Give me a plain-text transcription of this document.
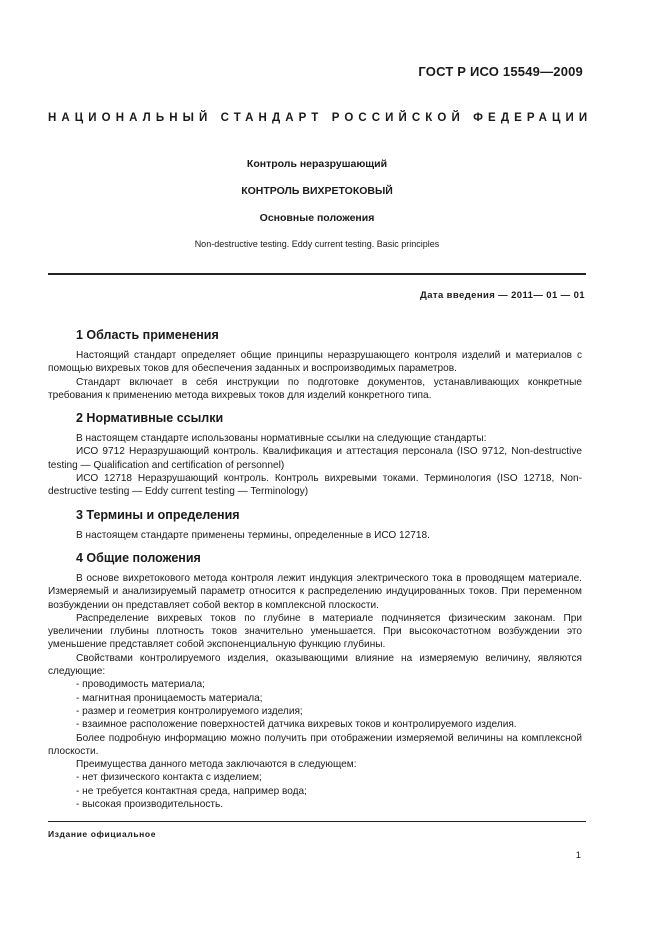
ГОСТ Р ИСО 15549—2009
НАЦИОНАЛЬНЫЙ СТАНДАРТ РОССИЙСКОЙ ФЕДЕРАЦИИ
Контроль неразрушающий
КОНТРОЛЬ ВИХРЕТОКОВЫЙ
Основные положения
Non-destructive testing. Eddy current testing. Basic principles
Дата введения — 2011— 01 — 01
1 Область применения

Настоящий стандарт определяет общие принципы неразрушающего контроля изделий и материалов с помощью вихревых токов для обеспечения заданных и воспроизводимых параметров.

Стандарт включает в себя инструкции по подготовке документов, устанавливающих конкретные требования к применению метода вихревых токов для изделий конкретного типа.

2 Нормативные ссылки

В настоящем стандарте использованы нормативные ссылки на следующие стандарты:

ИСО 9712 Неразрушающий контроль. Квалификация и аттестация персонала (ISO 9712, Non-destructive testing — Qualification and certification of personnel)

ИСО 12718 Неразрушающий контроль. Контроль вихревыми токами. Терминология (ISO 12718, Non-destructive testing — Eddy current testing — Terminology)

3 Термины и определения

В настоящем стандарте применены термины, определенные в ИСО 12718.

4 Общие положения

В основе вихретокового метода контроля лежит индукция электрического тока в проводящем материале. Измеряемый и анализируемый параметр относится к распределению индуцированных токов. При переменном возбуждении он представляет собой вектор в комплексной плоскости.

Распределение вихревых токов по глубине в материале подчиняется физическим законам. При увеличении глубины плотность токов значительно уменьшается. При высокочастотном возбуждении это уменьшение представляет собой экспоненциальную функцию глубины.

Свойствами контролируемого изделия, оказывающими влияние на измеряемую величину, являются следующие:

- проводимость материала;
- магнитная проницаемость материала;
- размер и геометрия контролируемого изделия;
- взаимное расположение поверхностей датчика вихревых токов и контролируемого изделия.

Более подробную информацию можно получить при отображении измеряемой величины на комплексной плоскости.

Преимущества данного метода заключаются в следующем:

- нет физического контакта с изделием;
- не требуется контактная среда, например вода;
- высокая производительность.
Издание официальное
1
